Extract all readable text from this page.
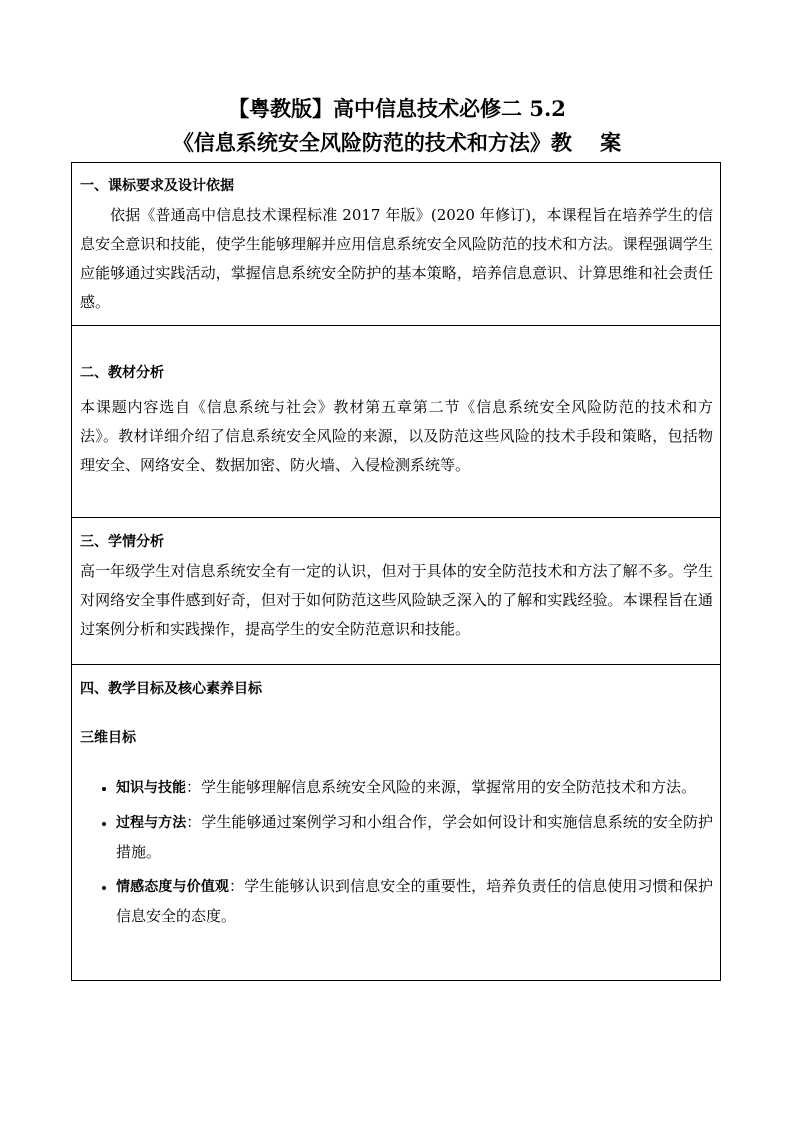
【粤教版】高中信息技术必修二 5.2
《信息系统安全风险防范的技术和方法》教　 案
一、课标要求及设计依据

依据《普通高中信息技术课程标准 2017 年版》(2020 年修订)，本课程旨在培养学生的信息安全意识和技能，使学生能够理解并应用信息系统安全风险防范的技术和方法。课程强调学生应能够通过实践活动，掌握信息系统安全防护的基本策略，培养信息意识、计算思维和社会责任感。

二、教材分析

本课题内容选自《信息系统与社会》教材第五章第二节《信息系统安全风险防范的技术和方法》。教材详细介绍了信息系统安全风险的来源，以及防范这些风险的技术手段和策略，包括物理安全、网络安全、数据加密、防火墙、入侵检测系统等。

三、学情分析

高一年级学生对信息系统安全有一定的认识，但对于具体的安全防范技术和方法了解不多。学生对网络安全事件感到好奇，但对于如何防范这些风险缺乏深入的了解和实践经验。本课程旨在通过案例分析和实践操作，提高学生的安全防范意识和技能。

四、教学目标及核心素养目标
三维目标
• 知识与技能：学生能够理解信息系统安全风险的来源，掌握常用的安全防范技术和方法。
• 过程与方法：学生能够通过案例学习和小组合作，学会如何设计和实施信息系统的安全防护措施。
• 情感态度与价值观：学生能够认识到信息安全的重要性，培养负责任的信息使用习惯和保护信息安全的态度。
